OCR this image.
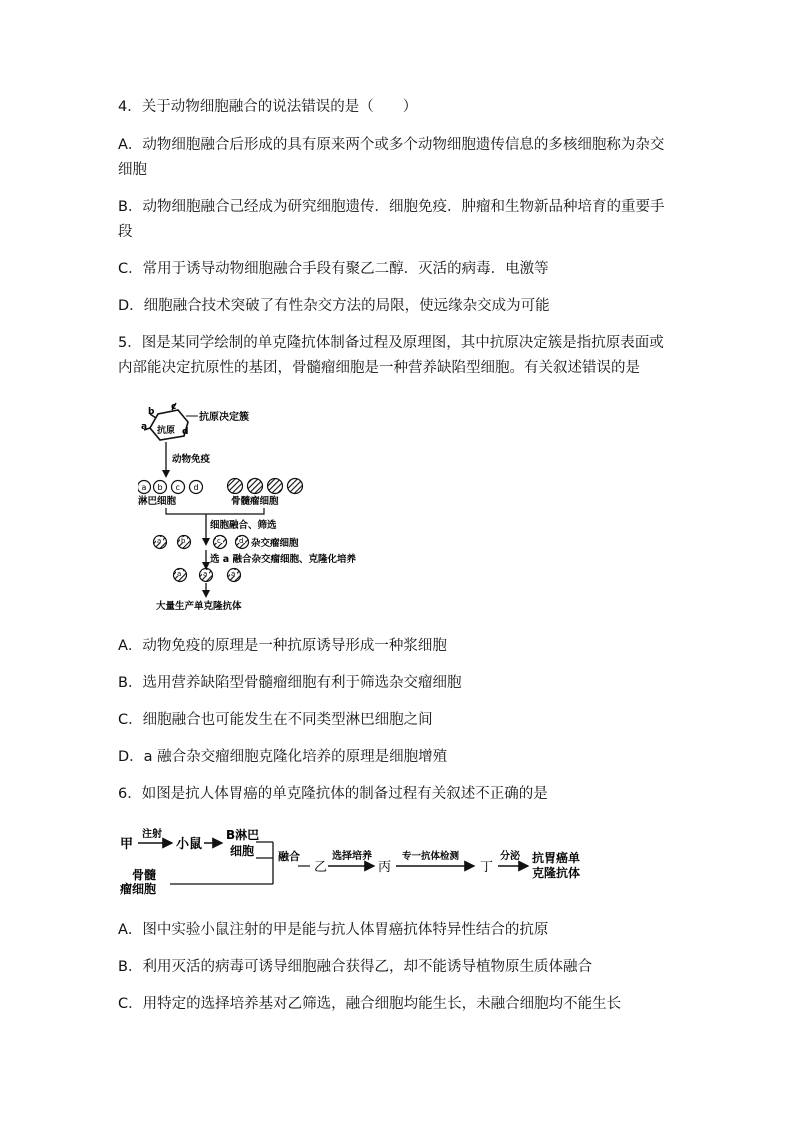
4．关于动物细胞融合的说法错误的是（　　）
A．动物细胞融合后形成的具有原来两个或多个动物细胞遗传信息的多核细胞称为杂交
细胞
B．动物细胞融合己经成为研究细胞遗传．细胞免疫．肿瘤和生物新品种培育的重要手
段
C．常用于诱导动物细胞融合手段有聚乙二醇．灭活的病毒．电激等
D．细胞融合技术突破了有性杂交方法的局限，使远缘杂交成为可能
5．图是某同学绘制的单克隆抗体制备过程及原理图，其中抗原决定簇是指抗原表面或
内部能决定抗原性的基团，骨髓瘤细胞是一种营养缺陷型细胞。有关叙述错误的是
b c
a	d
抗原
抗原决定簇
动物免疫
a b c d
淋巴细胞	骨髓瘤细胞
细胞融合、筛选
a	b	c	d 杂交瘤细胞
选 a 融合杂交瘤细胞、克隆化培养
a	a	a
大量生产单克隆抗体
A．动物免疫的原理是一种抗原诱导形成一种浆细胞
B．选用营养缺陷型骨髓瘤细胞有利于筛选杂交瘤细胞
C．细胞融合也可能发生在不同类型淋巴细胞之间
D．a 融合杂交瘤细胞克隆化培养的原理是细胞增殖
6．如图是抗人体胃癌的单克隆抗体的制备过程有关叙述不正确的是
甲
注射
小鼠
B淋巴
细胞
骨髓
瘤细胞
融合
乙
选择培养
丙
专一抗体检测
丁
分泌 抗胃癌单
克隆抗体
A．图中实验小鼠注射的甲是能与抗人体胃癌抗体特异性结合的抗原
B．利用灭活的病毒可诱导细胞融合获得乙，却不能诱导植物原生质体融合
C．用特定的选择培养基对乙筛选，融合细胞均能生长，未融合细胞均不能生长
